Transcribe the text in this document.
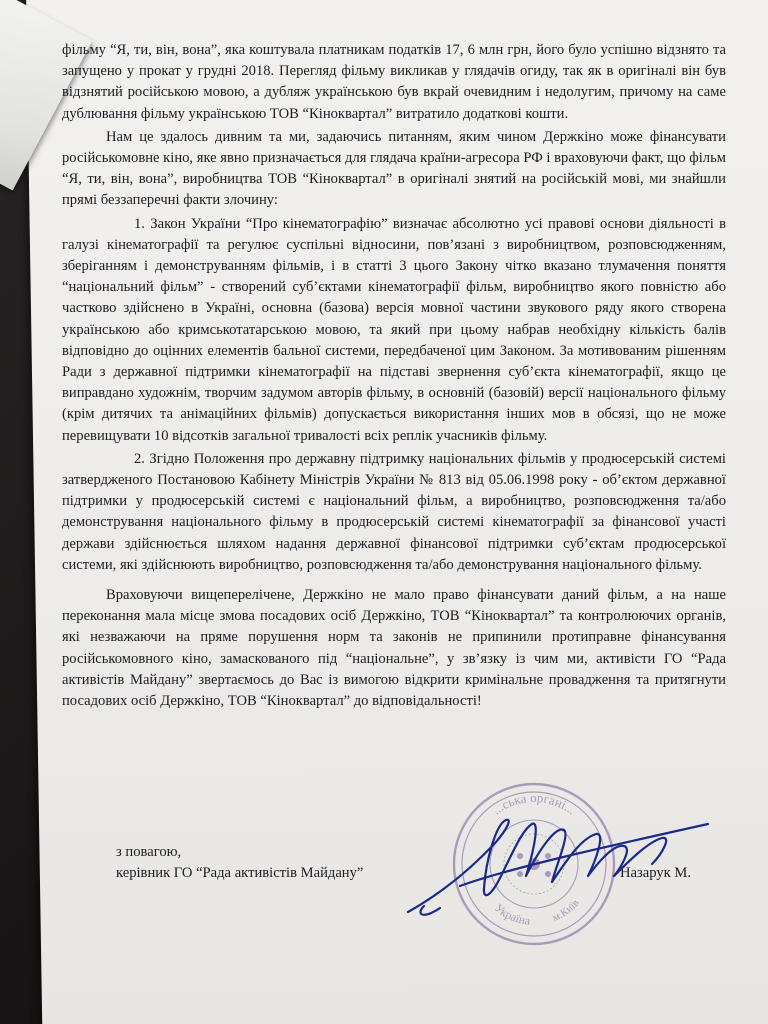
фільму “Я, ти, він, вона”, яка коштувала платникам податків 17, 6 млн грн, його було успішно відзнято та запущено у прокат у грудні 2018. Перегляд фільму викликав у глядачів огиду, так як в оригіналі він був відзнятий російською мовою, а дубляж українською був вкрай очевидним і недолугим, причому на саме дублювання фільму українською ТОВ “Кіноквартал” витратило додаткові кошти.

Нам це здалось дивним та ми, задаючись питанням, яким чином Держкіно може фінансувати російськомовне кіно, яке явно призначається для глядача країни-агресора РФ і враховуючи факт, що фільм “Я, ти, він, вона”, виробництва ТОВ “Кіноквартал” в оригіналі знятий на російській мові, ми знайшли прямі беззаперечні факти злочину:

1. Закон України “Про кінематографію” визначає абсолютно усі правові основи діяльності в галузі кінематографії та регулює суспільні відносини, пов’язані з виробництвом, розповсюдженням, зберіганням і демонструванням фільмів, і в статті 3 цього Закону чітко вказано тлумачення поняття “національний фільм” - створений суб’єктами кінематографії фільм, виробництво якого повністю або частково здійснено в Україні, основна (базова) версія мовної частини звукового ряду якого створена українською або кримськотатарською мовою, та який при цьому набрав необхідну кількість балів відповідно до оцінних елементів бальної системи, передбаченої цим Законом. За мотивованим рішенням Ради з державної підтримки кінематографії на підставі звернення суб’єкта кінематографії, якщо це виправдано художнім, творчим задумом авторів фільму, в основній (базовій) версії національного фільму (крім дитячих та анімаційних фільмів) допускається використання інших мов в обсязі, що не може перевищувати 10 відсотків загальної тривалості всіх реплік учасників фільму.

2. Згідно Положення про державну підтримку національних фільмів у продюсерській системі затвердженого Постановою Кабінету Міністрів України № 813 від 05.06.1998 року - об’єктом державної підтримки у продюсерській системі є національний фільм, а виробництво, розповсюдження та/або демонстрування національного фільму в продюсерській системі кінематографії за фінансової участі держави здійснюється шляхом надання державної фінансової підтримки суб’єктам продюсерської системи, які здійснюють виробництво, розповсюдження та/або демонстрування національного фільму.

Враховуючи вищеперелічене, Держкіно не мало право фінансувати даний фільм, а на наше переконання мала місце змова посадових осіб Держкіно, ТОВ “Кіноквартал” та контролюючих органів, які незважаючи на пряме порушення норм та законів не припинили протиправне фінансування російськомовного кіно, замаскованого під “національне”, у зв’язку із чим ми, активісти ГО “Рада активістів Майдану” звертаємось до Вас із вимогою відкрити кримінальне провадження та притягнути посадових осіб Держкіно, ТОВ “Кіноквартал” до відповідальності!

...ська органі...
Україна м.Київ
з повагою,
керівник ГО “Рада активістів Майдану”	Назарук М.
